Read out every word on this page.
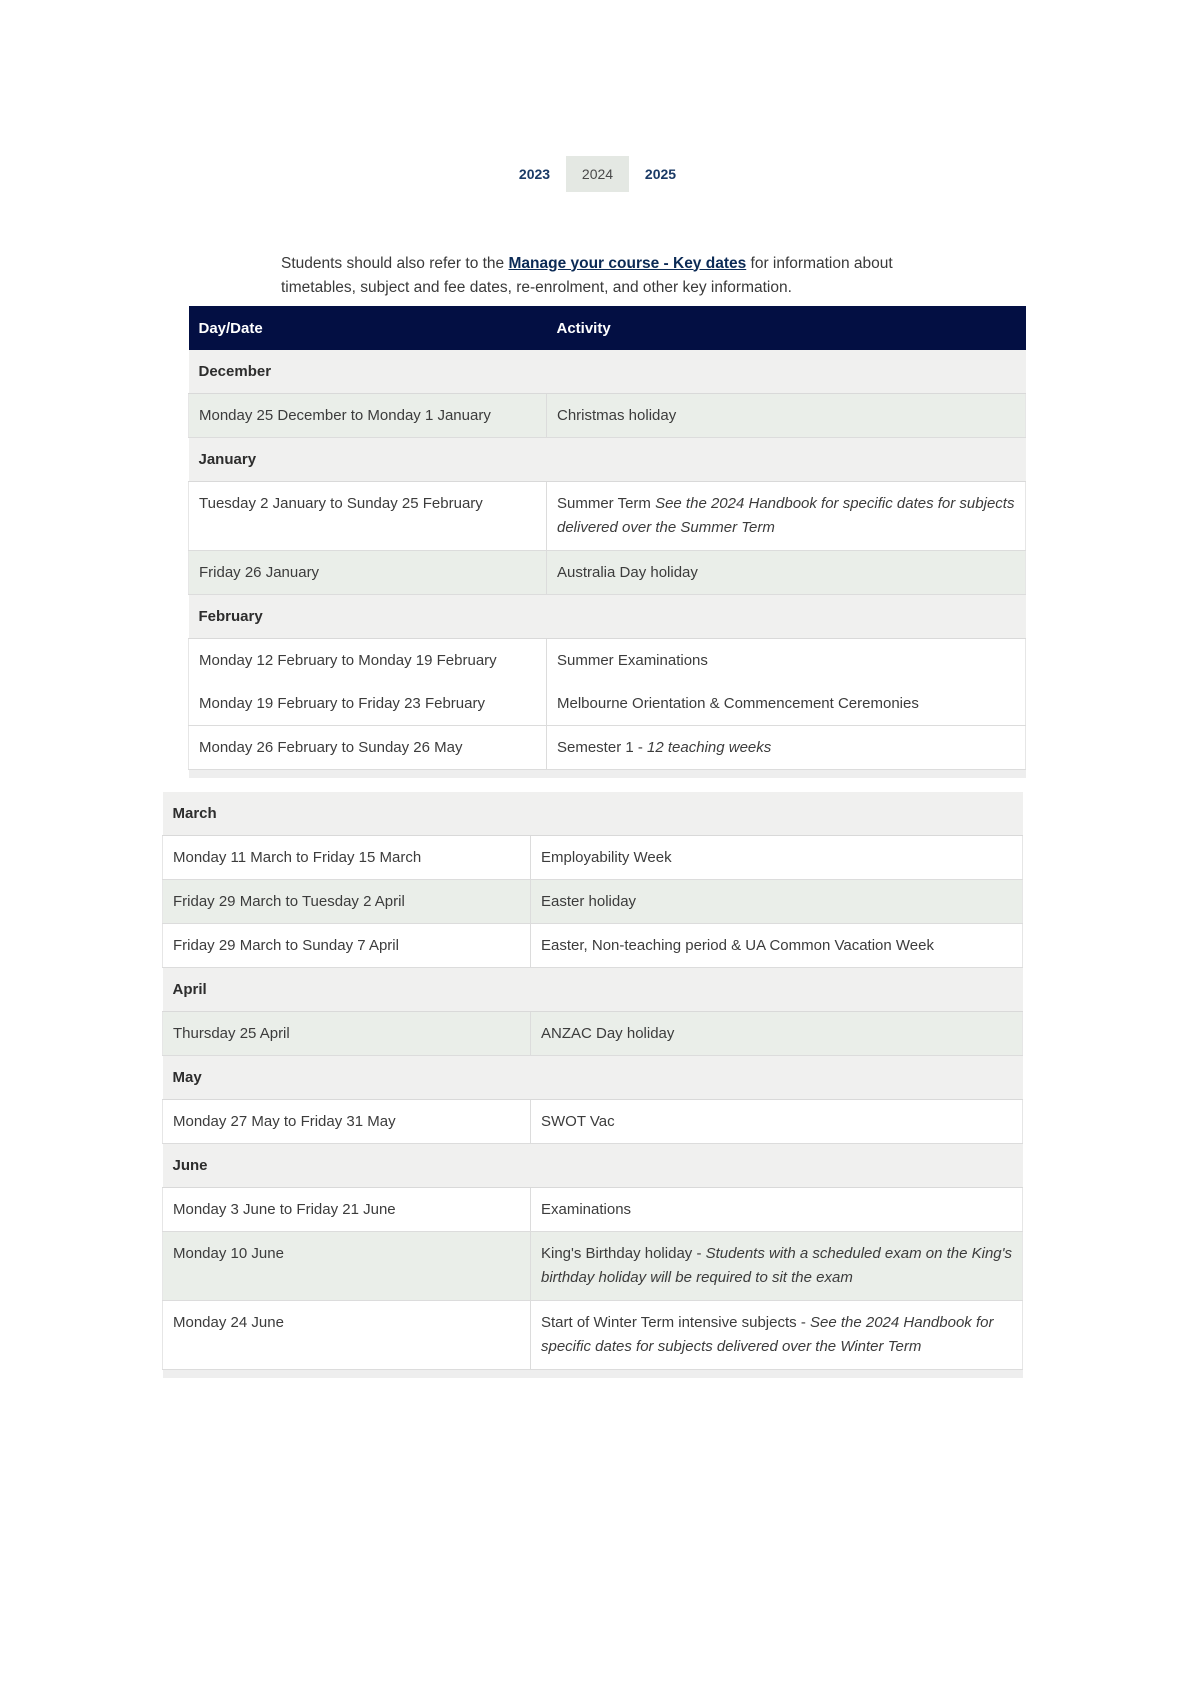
2023	2024	2025

Students should also refer to the Manage your course - Key dates for information about timetables, subject and fee dates, re-enrolment, and other key information.

Day/Date	Activity
December	
Monday 25 December to Monday 1 January	Christmas holiday
January	
Tuesday 2 January to Sunday 25 February	Summer Term See the 2024 Handbook for specific dates for subjects delivered over the Summer Term
Friday 26 January	Australia Day holiday
February	
Monday 12 February to Monday 19 February	Summer Examinations
Monday 19 February to Friday 23 February	Melbourne Orientation & Commencement Ceremonies
Monday 26 February to Sunday 26 May	Semester 1 - 12 teaching weeks

March	
Monday 11 March to Friday 15 March	Employability Week
Friday 29 March to Tuesday 2 April	Easter holiday
Friday 29 March to Sunday 7 April	Easter, Non-teaching period & UA Common Vacation Week
April	
Thursday 25 April	ANZAC Day holiday
May	
Monday 27 May to Friday 31 May	SWOT Vac
June	
Monday 3 June to Friday 21 June	Examinations
Monday 10 June	King's Birthday holiday - Students with a scheduled exam on the King's birthday holiday will be required to sit the exam
Monday 24 June	Start of Winter Term intensive subjects - See the 2024 Handbook for specific dates for subjects delivered over the Winter Term
